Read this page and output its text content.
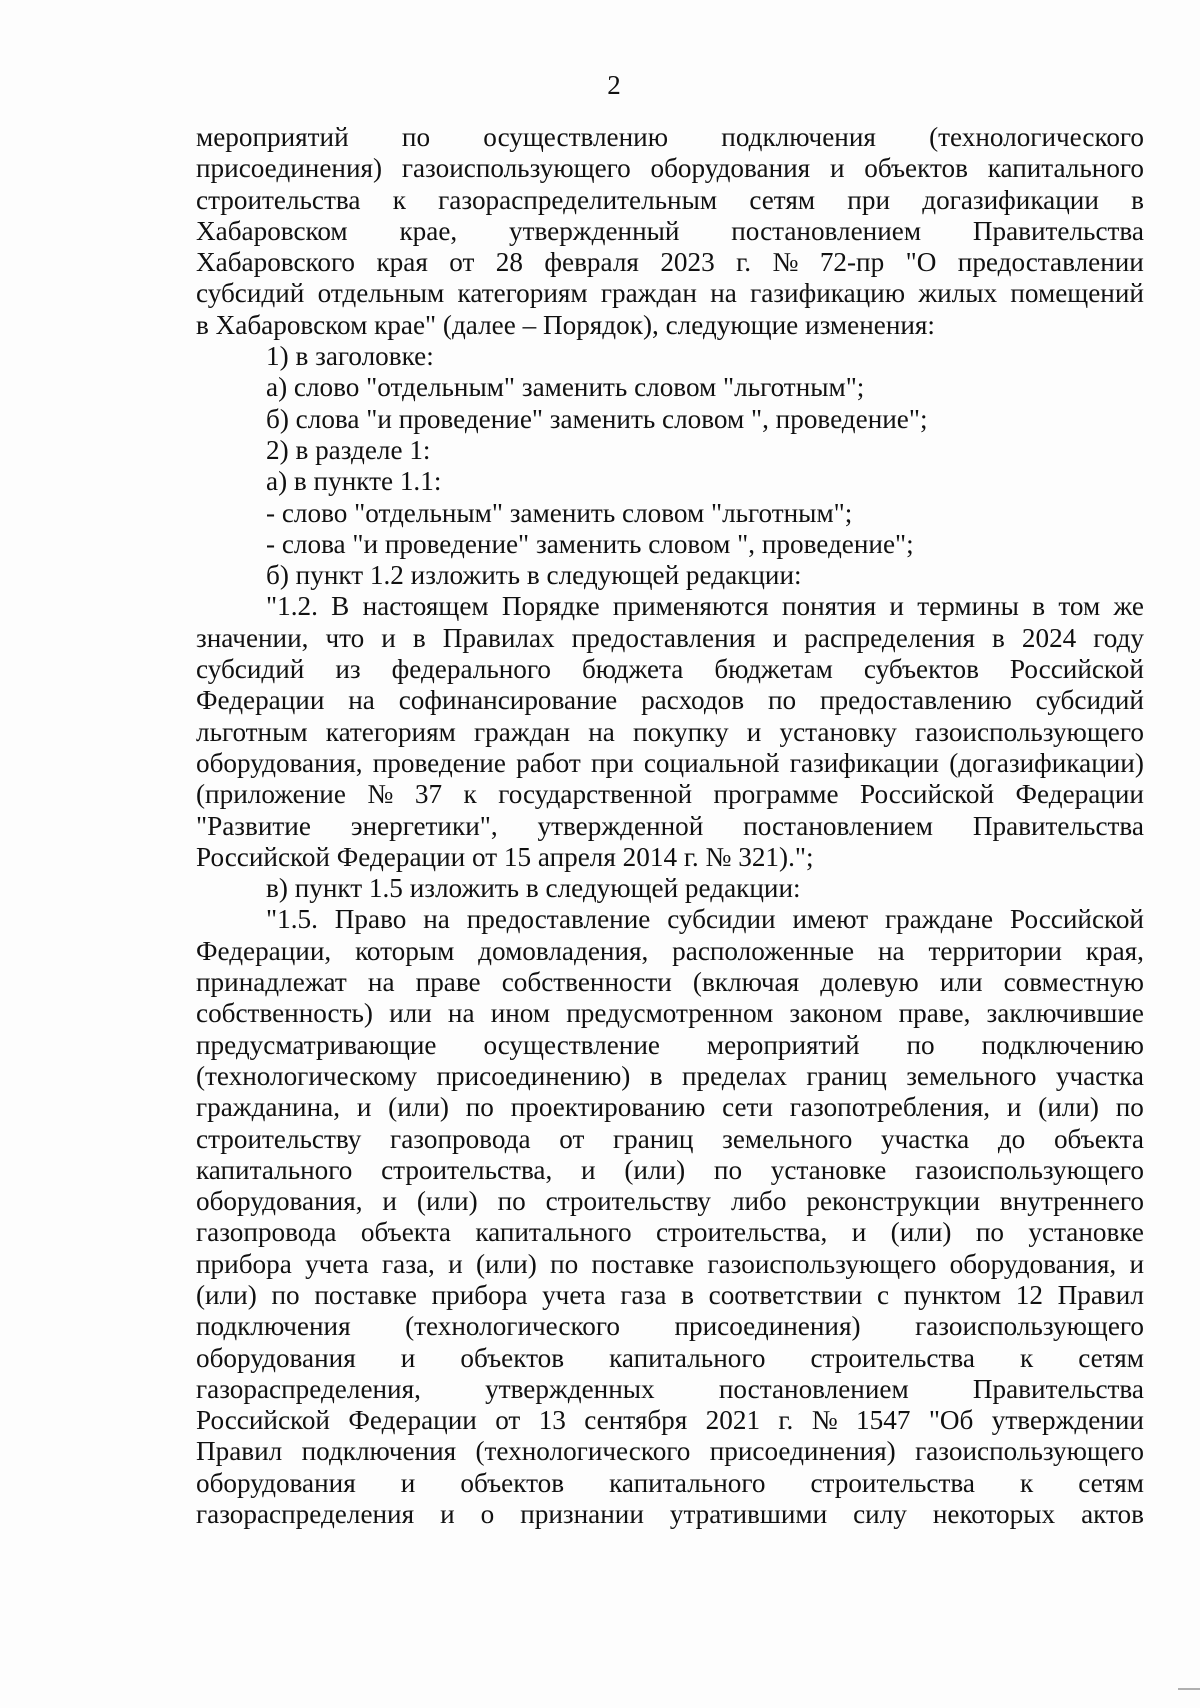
2
мероприятий по осуществлению подключения (технологического
присоединения) газоиспользующего оборудования и объектов капитального
строительства к газораспределительным сетям при догазификации в
Хабаровском крае, утвержденный постановлением Правительства
Хабаровского края от 28 февраля 2023 г. № 72-пр "О предоставлении
субсидий отдельным категориям граждан на газификацию жилых помещений
в Хабаровском крае" (далее – Порядок), следующие изменения:
1) в заголовке:
а) слово "отдельным" заменить словом "льготным";
б) слова "и проведение" заменить словом ", проведение";
2) в разделе 1:
а) в пункте 1.1:
- слово "отдельным" заменить словом "льготным";
- слова "и проведение" заменить словом ", проведение";
б) пункт 1.2 изложить в следующей редакции:
"1.2. В настоящем Порядке применяются понятия и термины в том же
значении, что и в Правилах предоставления и распределения в 2024 году
субсидий из федерального бюджета бюджетам субъектов Российской
Федерации на софинансирование расходов по предоставлению субсидий
льготным категориям граждан на покупку и установку газоиспользующего
оборудования, проведение работ при социальной газификации (догазификации)
(приложение № 37 к государственной программе Российской Федерации
"Развитие энергетики", утвержденной постановлением Правительства
Российской Федерации от 15 апреля 2014 г. № 321).";
в) пункт 1.5 изложить в следующей редакции:
"1.5. Право на предоставление субсидии имеют граждане Российской
Федерации, которым домовладения, расположенные на территории края,
принадлежат на праве собственности (включая долевую или совместную
собственность) или на ином предусмотренном законом праве, заключившие
предусматривающие осуществление мероприятий по подключению
(технологическому присоединению) в пределах границ земельного участка
гражданина, и (или) по проектированию сети газопотребления, и (или) по
строительству газопровода от границ земельного участка до объекта
капитального строительства, и (или) по установке газоиспользующего
оборудования, и (или) по строительству либо реконструкции внутреннего
газопровода объекта капитального строительства, и (или) по установке
прибора учета газа, и (или) по поставке газоиспользующего оборудования, и
(или) по поставке прибора учета газа в соответствии с пунктом 12 Правил
подключения (технологического присоединения) газоиспользующего
оборудования и объектов капитального строительства к сетям
газораспределения, утвержденных постановлением Правительства
Российской Федерации от 13 сентября 2021 г. № 1547 "Об утверждении
Правил подключения (технологического присоединения) газоиспользующего
оборудования и объектов капитального строительства к сетям
газораспределения и о признании утратившими силу некоторых актов
